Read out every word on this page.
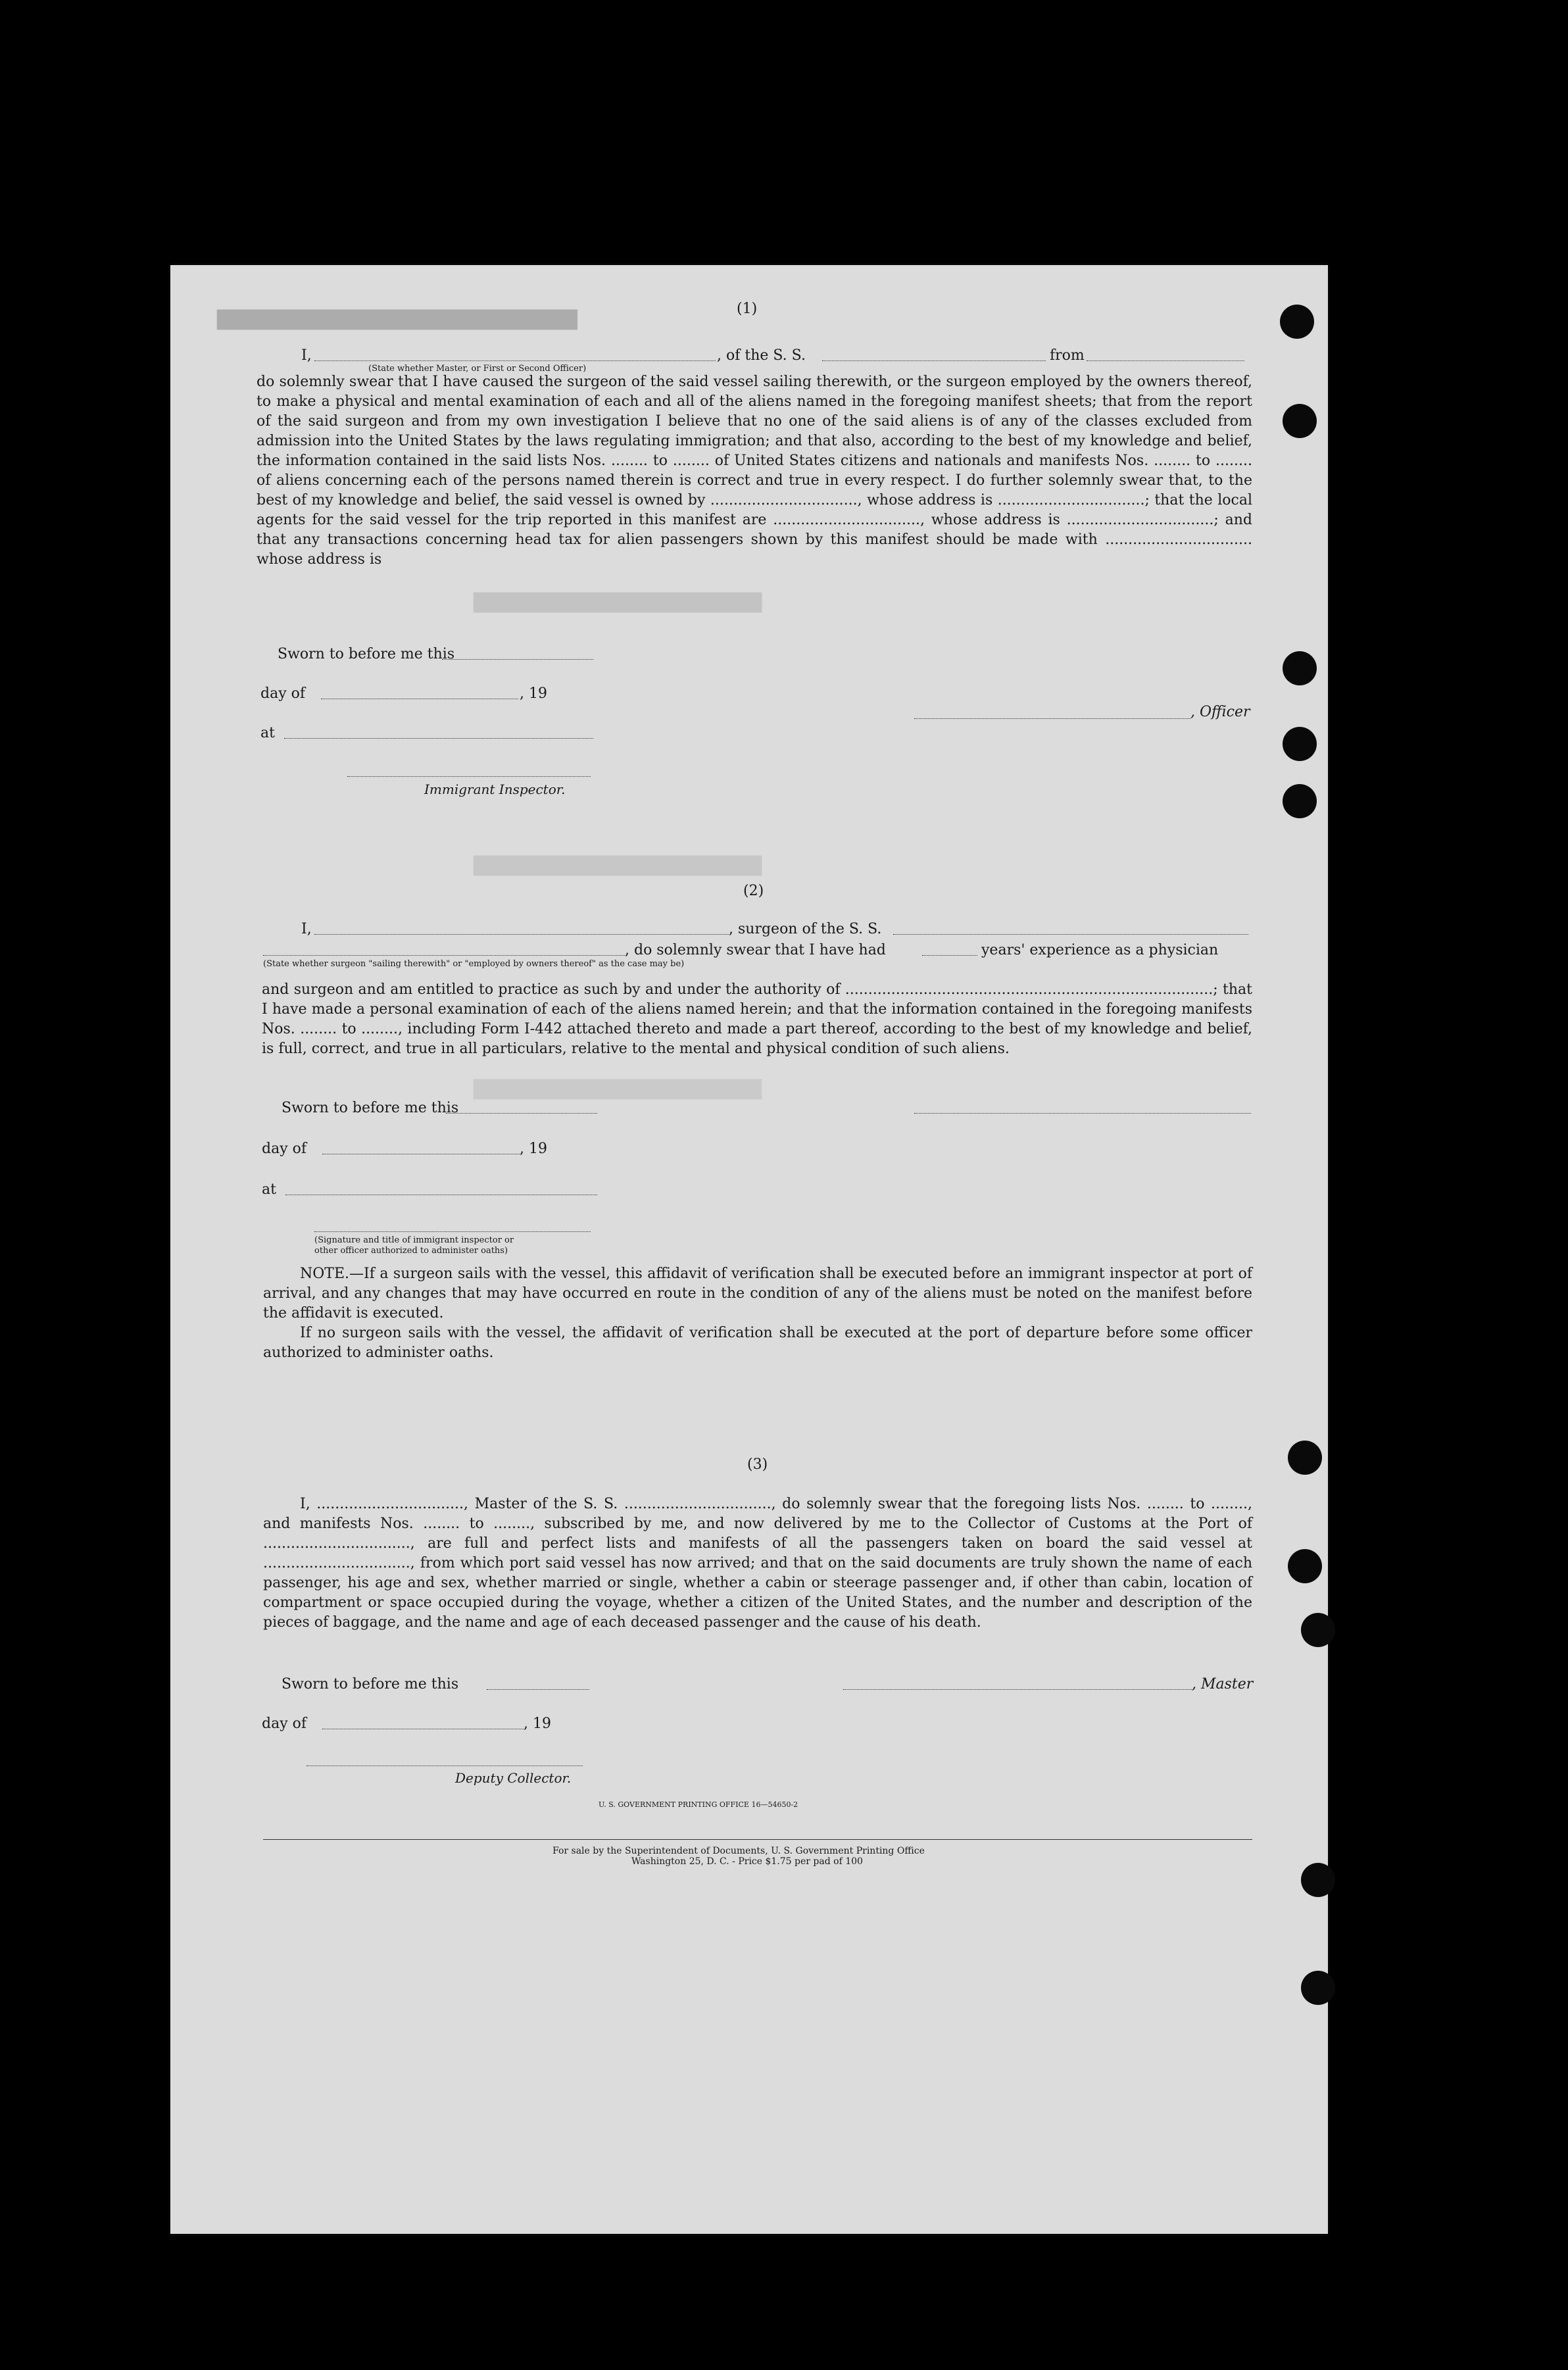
███████████████████████████████████
████████████████████████████
████████████████████████████
████████████████████████████
(1)
I,	, of the S. S.	from
(State whether Master, or First or Second Officer)
do solemnly swear that I have caused the surgeon of the said vessel sailing therewith, or the surgeon employed by the owners thereof, to make a physical and mental examination of each and all of the aliens named in the foregoing manifest sheets; that from the report of the said surgeon and from my own investigation I believe that no one of the said aliens is of any of the classes excluded from admission into the United States by the laws regulating immigration; and that also, according to the best of my knowledge and belief, the information contained in the said lists Nos. ........ to ........ of United States citizens and nationals and manifests Nos. ........ to ........ of aliens concerning each of the persons named therein is correct and true in every respect. I do further solemnly swear that, to the best of my knowledge and belief, the said vessel is owned by ................................, whose address is ................................; that the local agents for the said vessel for the trip reported in this manifest are ................................, whose address is ................................; and that any transactions concerning head tax for alien passengers shown by this manifest should be made with ................................ whose address is
Sworn to before me this
day of	, 19
at
, Officer
Immigrant Inspector.
(2)
I,	, surgeon of the S. S.
, do solemnly swear that I have had	years' experience as a physician
(State whether surgeon "sailing therewith" or "employed by owners thereof" as the case may be)
and surgeon and am entitled to practice as such by and under the authority of ................................................................................; that I have made a personal examination of each of the aliens named herein; and that the information contained in the foregoing manifests Nos. ........ to ........, including Form I-442 attached thereto and made a part thereof, according to the best of my knowledge and belief, is full, correct, and true in all particulars, relative to the mental and physical condition of such aliens.
Sworn to before me this
day of	, 19
at
(Signature and title of immigrant inspector or
other officer authorized to administer oaths)
NOTE.—If a surgeon sails with the vessel, this affidavit of verification shall be executed before an immigrant inspector at port of arrival, and any changes that may have occurred en route in the condition of any of the aliens must be noted on the manifest before the affidavit is executed.
If no surgeon sails with the vessel, the affidavit of verification shall be executed at the port of departure before some officer authorized to administer oaths.
(3)
I, ................................, Master of the S. S. ................................, do solemnly swear that the foregoing lists Nos. ........ to ........, and manifests Nos. ........ to ........, subscribed by me, and now delivered by me to the Collector of Customs at the Port of ................................, are full and perfect lists and manifests of all the passengers taken on board the said vessel at ................................, from which port said vessel has now arrived; and that on the said documents are truly shown the name of each passenger, his age and sex, whether married or single, whether a cabin or steerage passenger and, if other than cabin, location of compartment or space occupied during the voyage, whether a citizen of the United States, and the number and description of the pieces of baggage, and the name and age of each deceased passenger and the cause of his death.
Sworn to before me this	, Master
day of	, 19
Deputy Collector.
U. S. GOVERNMENT PRINTING OFFICE 16—54650-2
For sale by the Superintendent of Documents, U. S. Government Printing Office
Washington 25, D. C. - Price $1.75 per pad of 100
